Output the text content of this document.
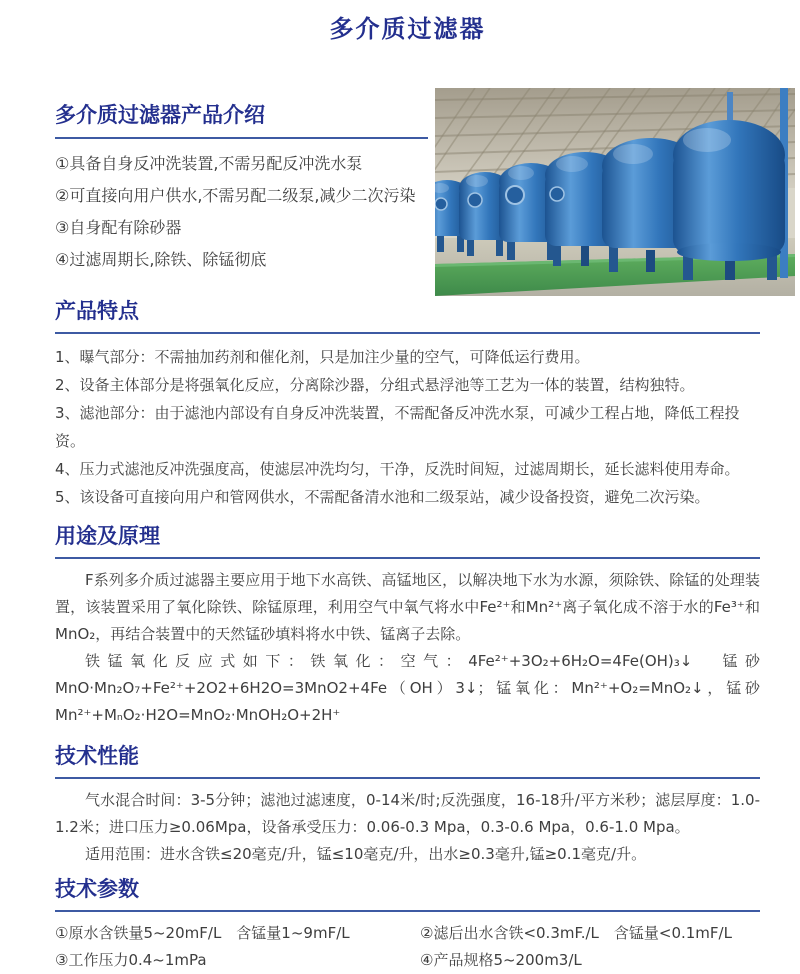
多介质过滤器
多介质过滤器产品介绍

①具备自身反冲洗装置,不需另配反冲洗水泵

②可直接向用户供水,不需另配二级泵,减少二次污染

③自身配有除砂器

④过滤周期长,除铁、除锰彻底

产品特点

1、曝气部分：不需抽加药剂和催化剂，只是加注少量的空气，可降低运行费用。

2、设备主体部分是将强氧化反应，分离除沙器，分组式悬浮池等工艺为一体的装置，结构独特。

3、滤池部分：由于滤池内部设有自身反冲洗装置，不需配备反冲洗水泵，可减少工程占地，降低工程投资。

4、压力式滤池反冲洗强度高，使滤层冲洗均匀，干净，反洗时间短，过滤周期长，延长滤料使用寿命。

5、该设备可直接向用户和管网供水，不需配备清水池和二级泵站，减少设备投资，避免二次污染。

用途及原理

F系列多介质过滤器主要应用于地下水高铁、高锰地区，以解决地下水为水源，须除铁、除锰的处理装置，该装置采用了氧化除铁、除锰原理，利用空气中氧气将水中Fe²⁺和Mn²⁺离子氧化成不溶于水的Fe³⁺和MnO₂，再结合装置中的天然锰砂填料将水中铁、锰离子去除。

铁锰氧化反应式如下：铁氧化：空气：4Fe²⁺+3O₂+6H₂O=4Fe(OH)₃↓　锰砂MnO·Mn₂O₇+Fe²⁺+2O2+6H2O=3MnO2+4Fe（OH）3↓；锰氧化：Mn²⁺+O₂=MnO₂↓，锰砂Mn²⁺+MₙO₂·H2O=MnO₂·MnOH₂O+2H⁺

技术性能

气水混合时间：3-5分钟；滤池过滤速度，0-14米/时;反洗强度，16-18升/平方米秒；滤层厚度：1.0-1.2米；进口压力≥0.06Mpa，设备承受压力：0.06-0.3 Mpa，0.3-0.6 Mpa，0.6-1.0 Mpa。

适用范围：进水含铁≤20毫克/升，锰≤10毫克/升，出水≥0.3毫升,锰≥0.1毫克/升。

技术参数
①原水含铁量5~20mF/L　含锰量1~9mF/L	②滤后出水含铁<0.3mF./L　含锰量<0.1mF/L
③工作压力0.4~1mPa	④产品规格5~200m3/L
